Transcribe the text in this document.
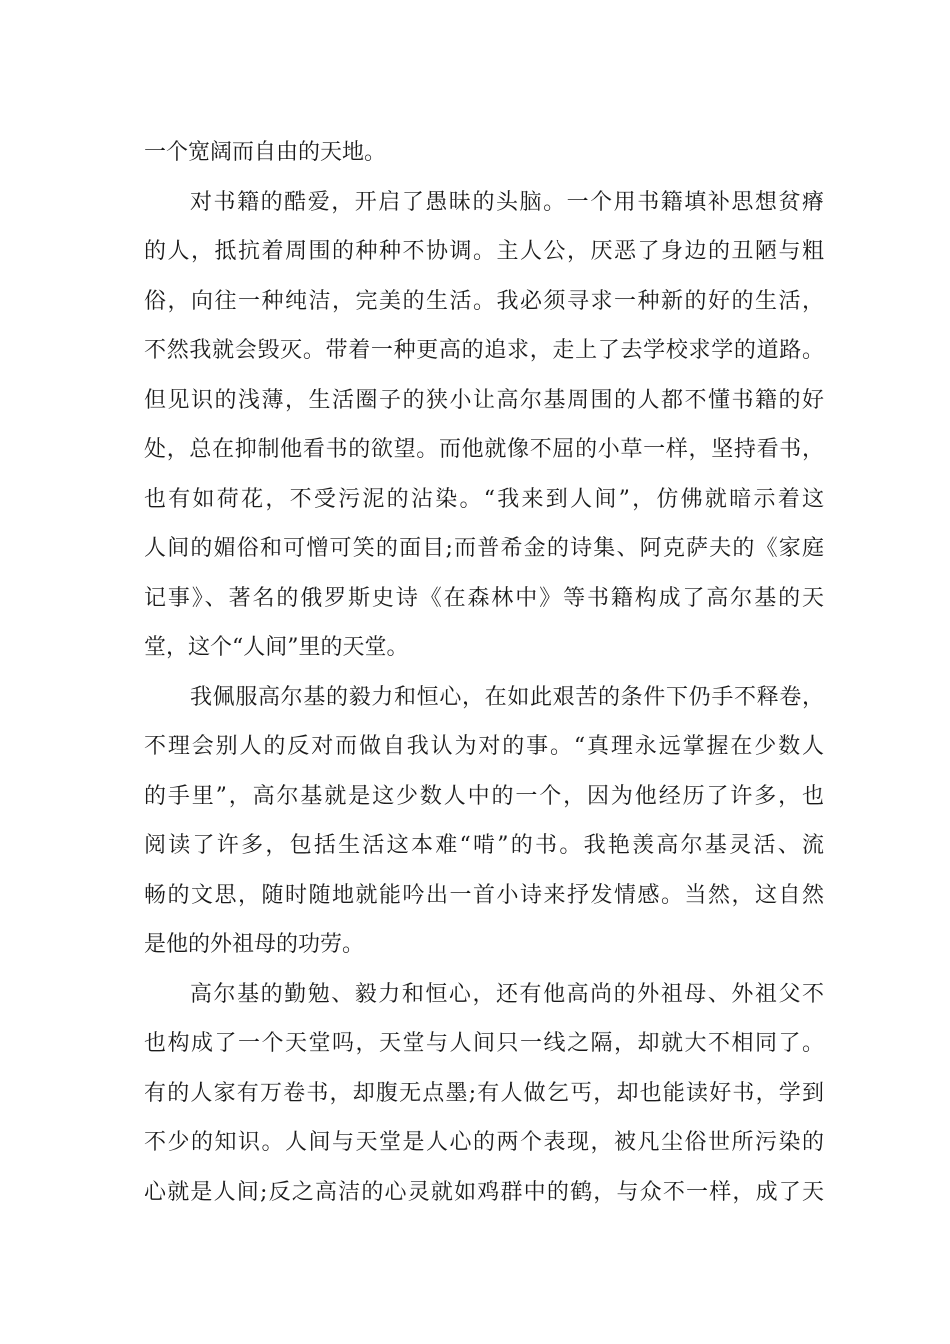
一个宽阔而自由的天地。
对书籍的酷爱，开启了愚昧的头脑。一个用书籍填补思想贫瘠
的人，抵抗着周围的种种不协调。主人公，厌恶了身边的丑陋与粗
俗，向往一种纯洁，完美的生活。我必须寻求一种新的好的生活，
不然我就会毁灭。带着一种更高的追求，走上了去学校求学的道路。
但见识的浅薄，生活圈子的狭小让高尔基周围的人都不懂书籍的好
处，总在抑制他看书的欲望。而他就像不屈的小草一样，坚持看书，
也有如荷花，不受污泥的沾染。“我来到人间”，仿佛就暗示着这
人间的媚俗和可憎可笑的面目;而普希金的诗集、阿克萨夫的《家庭
记事》、著名的俄罗斯史诗《在森林中》等书籍构成了高尔基的天
堂，这个“人间”里的天堂。
我佩服高尔基的毅力和恒心，在如此艰苦的条件下仍手不释卷，
不理会别人的反对而做自我认为对的事。“真理永远掌握在少数人
的手里”，高尔基就是这少数人中的一个，因为他经历了许多，也
阅读了许多，包括生活这本难“啃”的书。我艳羡高尔基灵活、流
畅的文思，随时随地就能吟出一首小诗来抒发情感。当然，这自然
是他的外祖母的功劳。
高尔基的勤勉、毅力和恒心，还有他高尚的外祖母、外祖父不
也构成了一个天堂吗，天堂与人间只一线之隔，却就大不相同了。
有的人家有万卷书，却腹无点墨;有人做乞丐，却也能读好书，学到
不少的知识。人间与天堂是人心的两个表现，被凡尘俗世所污染的
心就是人间;反之高洁的心灵就如鸡群中的鹤，与众不一样，成了天
